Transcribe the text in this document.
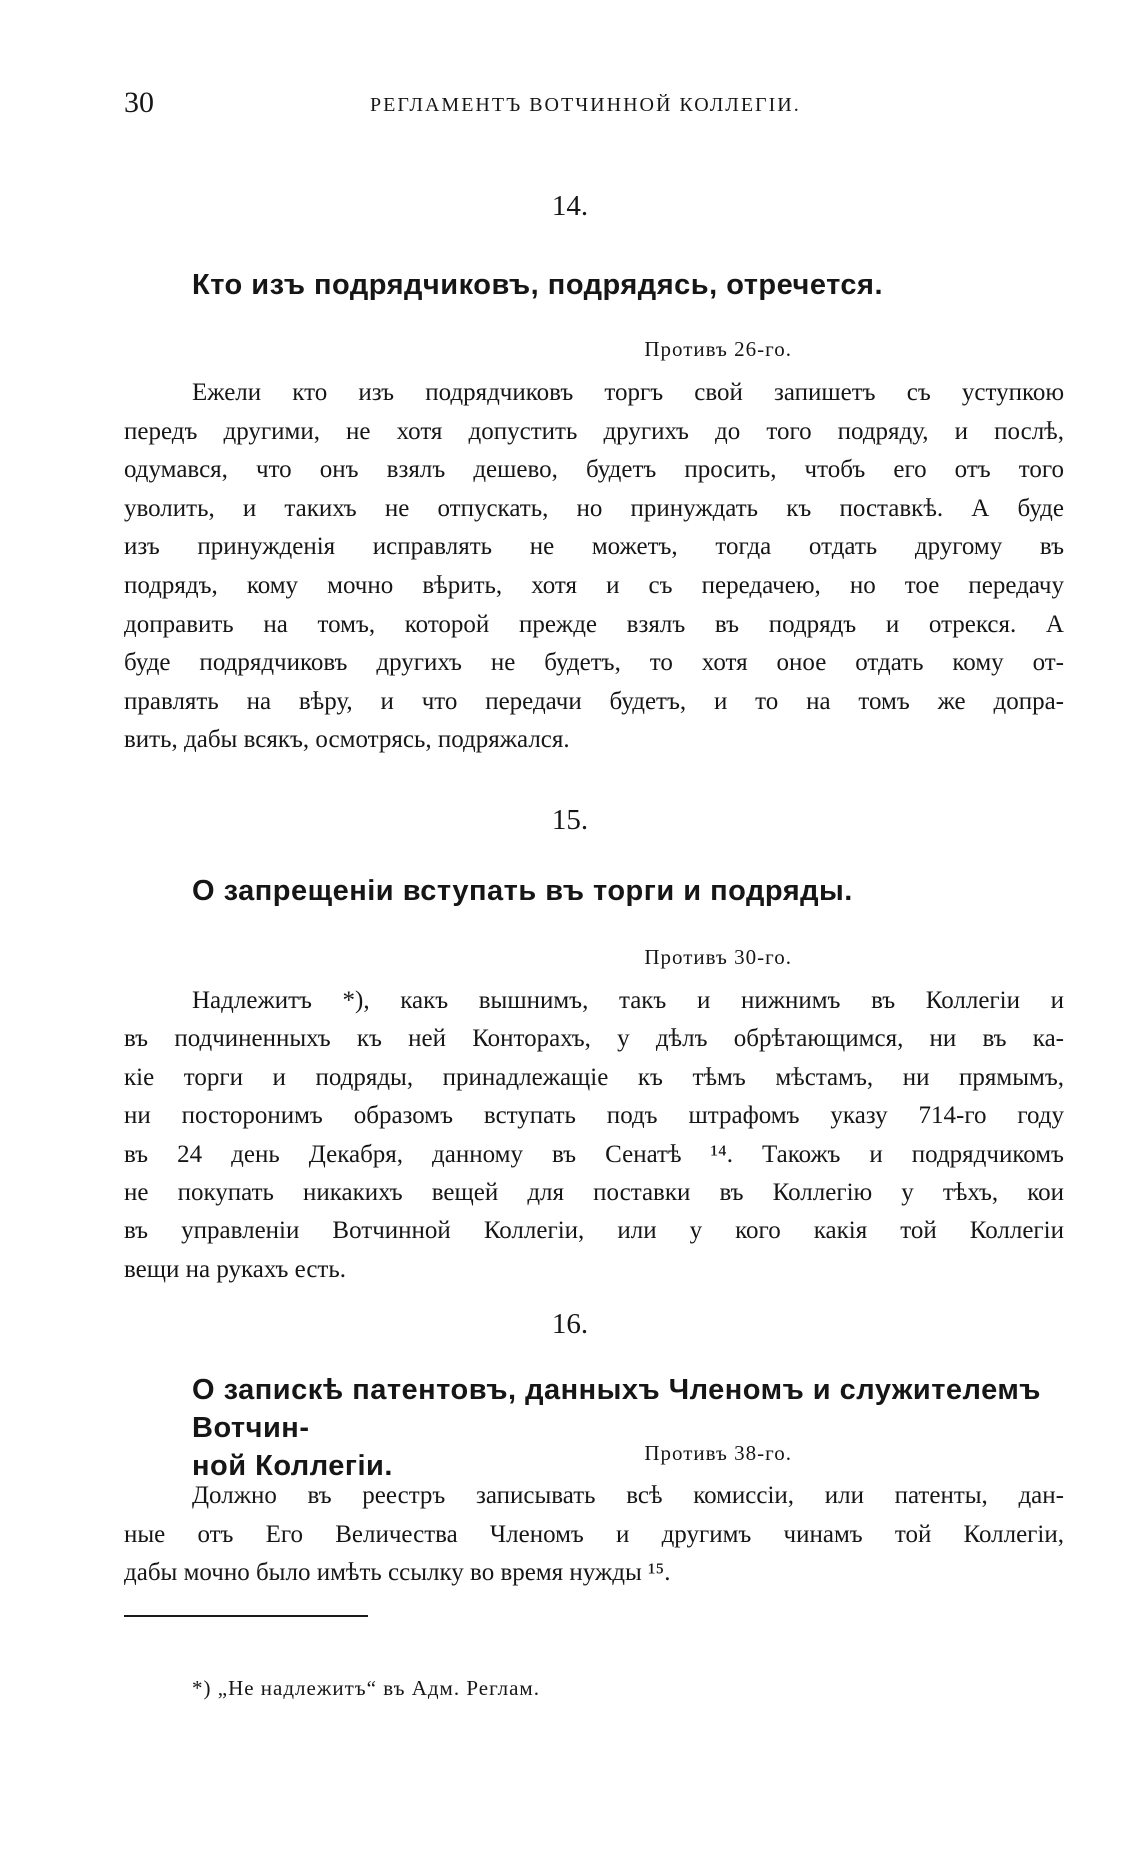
30	РЕГЛАМЕНТЪ ВОТЧИННОЙ КОЛЛЕГІИ.
14.
Кто изъ подрядчиковъ, подрядясь, отречется.
Противъ 26-го.
Ежели кто изъ подрядчиковъ торгъ свой запишетъ съ уступкою
передъ другими, не хотя допустить другихъ до того подряду, и послѣ,
одумався, что онъ взялъ дешево, будетъ просить, чтобъ его отъ того
уволить, и такихъ не отпускать, но принуждать къ поставкѣ. А буде
изъ принужденія исправлять не можетъ, тогда отдать другому въ
подрядъ, кому мочно вѣрить, хотя и съ передачею, но тое передачу
доправить на томъ, которой прежде взялъ въ подрядъ и отрекся. А
буде подрядчиковъ другихъ не будетъ, то хотя оное отдать кому от-
правлять на вѣру, и что передачи будетъ, и то на томъ же допра-
вить, дабы всякъ, осмотрясь, подряжался.
15.
О запрещеніи вступать въ торги и подряды.
Противъ 30-го.
Надлежитъ *), какъ вышнимъ, такъ и нижнимъ въ Коллегіи и
въ подчиненныхъ къ ней Конторахъ, у дѣлъ обрѣтающимся, ни въ ка-
кіе торги и подряды, принадлежащіе къ тѣмъ мѣстамъ, ни прямымъ,
ни посторонимъ образомъ вступать подъ штрафомъ указу 714-го году
въ 24 день Декабря, данному въ Сенатѣ ¹⁴. Такожъ и подрядчикомъ
не покупать никакихъ вещей для поставки въ Коллегію у тѣхъ, кои
въ управленіи Вотчинной Коллегіи, или у кого какія той Коллегіи
вещи на рукахъ есть.
16.
О запискѣ патентовъ, данныхъ Членомъ и служителемъ Вотчин-
ной Коллегіи.	Противъ 38-го.
Должно въ реестръ записывать всѣ комиссіи, или патенты, дан-
ные отъ Его Величества Членомъ и другимъ чинамъ той Коллегіи,
дабы мочно было имѣть ссылку во время нужды ¹⁵.
*) „Не надлежитъ“ въ Адм. Реглам.
